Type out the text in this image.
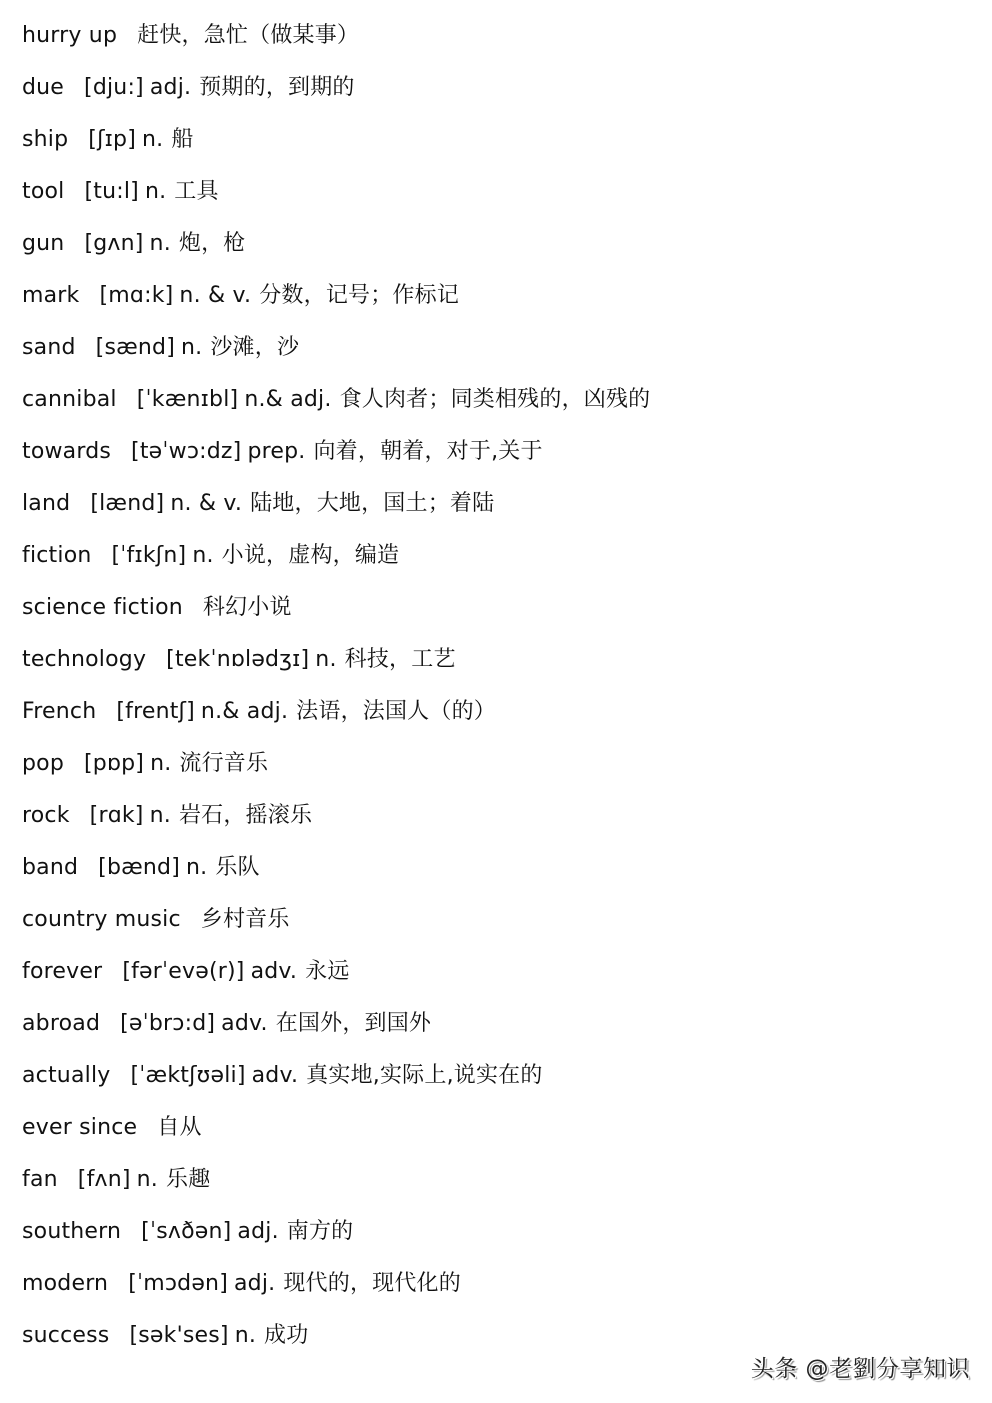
hurry up 赶快，急忙（做某事）
due [dju:] adj. 预期的，到期的
ship [ʃɪp] n. 船
tool [tu:l] n. 工具
gun [gʌn] n. 炮，枪
mark [mɑ:k] n. & v. 分数，记号；作标记
sand [sænd] n. 沙滩，沙
cannibal [ˈkænɪbl] n.& adj. 食人肉者；同类相残的，凶残的
towards [təˈwɔ:dz] prep. 向着，朝着，对于,关于
land [lænd] n. & v. 陆地，大地，国土；着陆
fiction [ˈfɪkʃn] n. 小说，虚构，编造
science fiction 科幻小说
technology [tekˈnɒlədʒɪ] n. 科技，工艺
French [frentʃ] n.& adj. 法语，法国人（的）
pop [pɒp] n. 流行音乐
rock [rɑk] n. 岩石，摇滚乐
band [bænd] n. 乐队
country music 乡村音乐
forever [fərˈevə(r)] adv. 永远
abroad [əˈbrɔ:d] adv. 在国外，到国外
actually [ˈæktʃʊəli] adv. 真实地,实际上,说实在的
ever since 自从
fan [fʌn] n. 乐趣
southern [ˈsʌðən] adj. 南方的
modern [ˈmɔdən] adj. 现代的，现代化的
success [sək'ses] n. 成功
头条 @老劉分享知识
